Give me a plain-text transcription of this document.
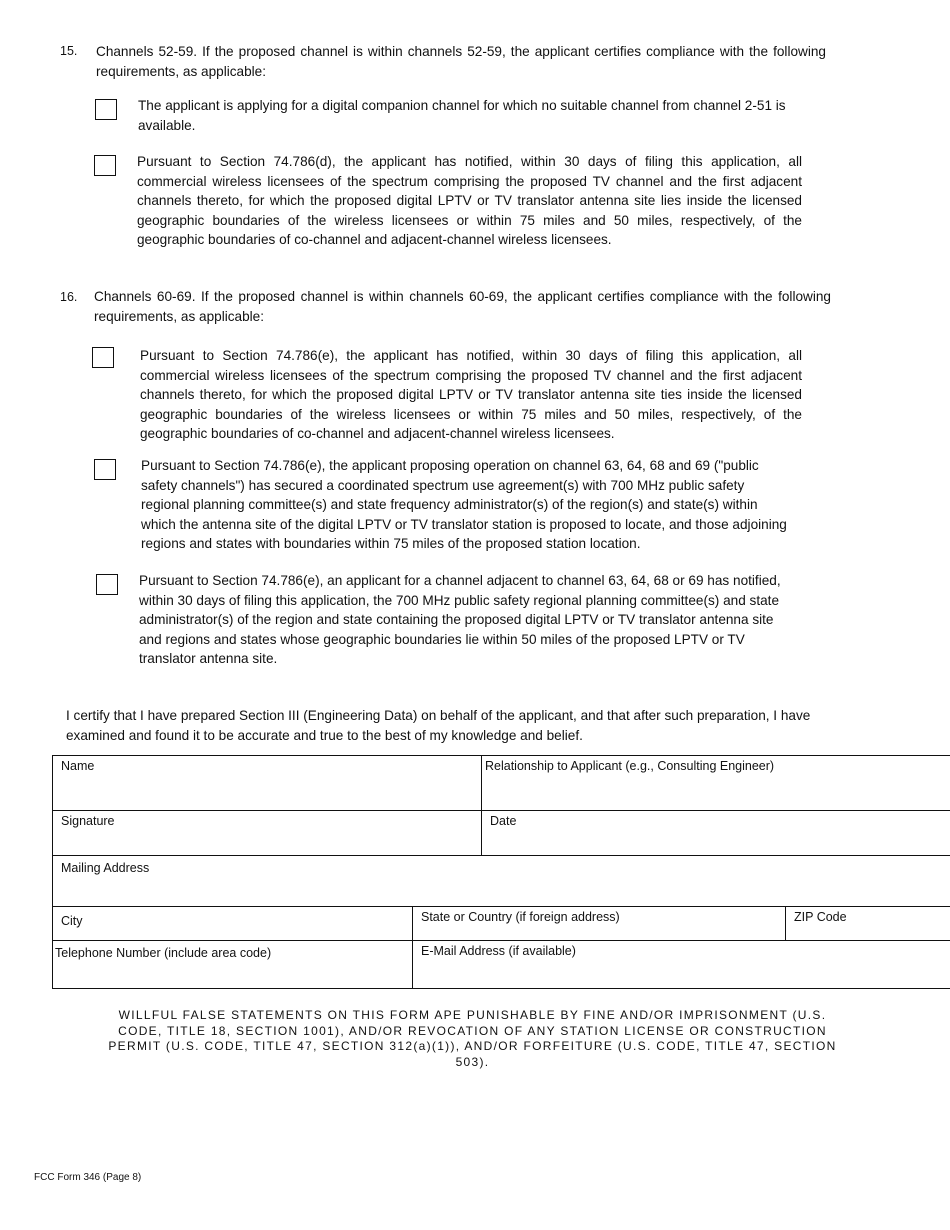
15. Channels 52-59. If the proposed channel is within channels 52-59, the applicant certifies compliance with the following requirements, as applicable:
The applicant is applying for a digital companion channel for which no suitable channel from channel 2-51 is available.
Pursuant to Section 74.786(d), the applicant has notified, within 30 days of filing this application, all commercial wireless licensees of the spectrum comprising the proposed TV channel and the first adjacent channels thereto, for which the proposed digital LPTV or TV translator antenna site lies inside the licensed geographic boundaries of the wireless licensees or within 75 miles and 50 miles, respectively, of the geographic boundaries of co-channel and adjacent-channel wireless licensees.
16. Channels 60-69. If the proposed channel is within channels 60-69, the applicant certifies compliance with the following requirements, as applicable:
Pursuant to Section 74.786(e), the applicant has notified, within 30 days of filing this application, all commercial wireless licensees of the spectrum comprising the proposed TV channel and the first adjacent channels thereto, for which the proposed digital LPTV or TV translator antenna site ties inside the licensed geographic boundaries of the wireless licensees or within 75 miles and 50 miles, respectively, of the geographic boundaries of co-channel and adjacent-channel wireless licensees.
Pursuant to Section 74.786(e), the applicant proposing operation on channel 63, 64, 68 and 69 ("public safety channels") has secured a coordinated spectrum use agreement(s) with 700 MHz public safety regional planning committee(s) and state frequency administrator(s) of the region(s) and state(s) within which the antenna site of the digital LPTV or TV translator station is proposed to locate, and those adjoining regions and states with boundaries within 75 miles of the proposed station location.
Pursuant to Section 74.786(e), an applicant for a channel adjacent to channel 63, 64, 68 or 69 has notified, within 30 days of filing this application, the 700 MHz public safety regional planning committee(s) and state administrator(s) of the region and state containing the proposed digital LPTV or TV translator antenna site and regions and states whose geographic boundaries lie within 50 miles of the proposed LPTV or TV translator antenna site.
I certify that I have prepared Section III (Engineering Data) on behalf of the applicant, and that after such preparation, I have examined and found it to be accurate and true to the best of my knowledge and belief.
Name		Relationship to Applicant (e.g., Consulting Engineer)	
Signature		Date	
Mailing Address			
City	State or Country (if foreign address)		ZIP Code
Telephone Number (include area code)	E-Mail Address (if available)		
WILLFUL FALSE STATEMENTS ON THIS FORM APE PUNISHABLE BY FINE AND/OR IMPRISONMENT (U.S. CODE, TITLE 18, SECTION 1001), AND/OR REVOCATION OF ANY STATION LICENSE OR CONSTRUCTION PERMIT (U.S. CODE, TITLE 47, SECTION 312(a)(1)), AND/OR FORFEITURE (U.S. CODE, TITLE 47, SECTION 503).
FCC Form 346 (Page 8)
